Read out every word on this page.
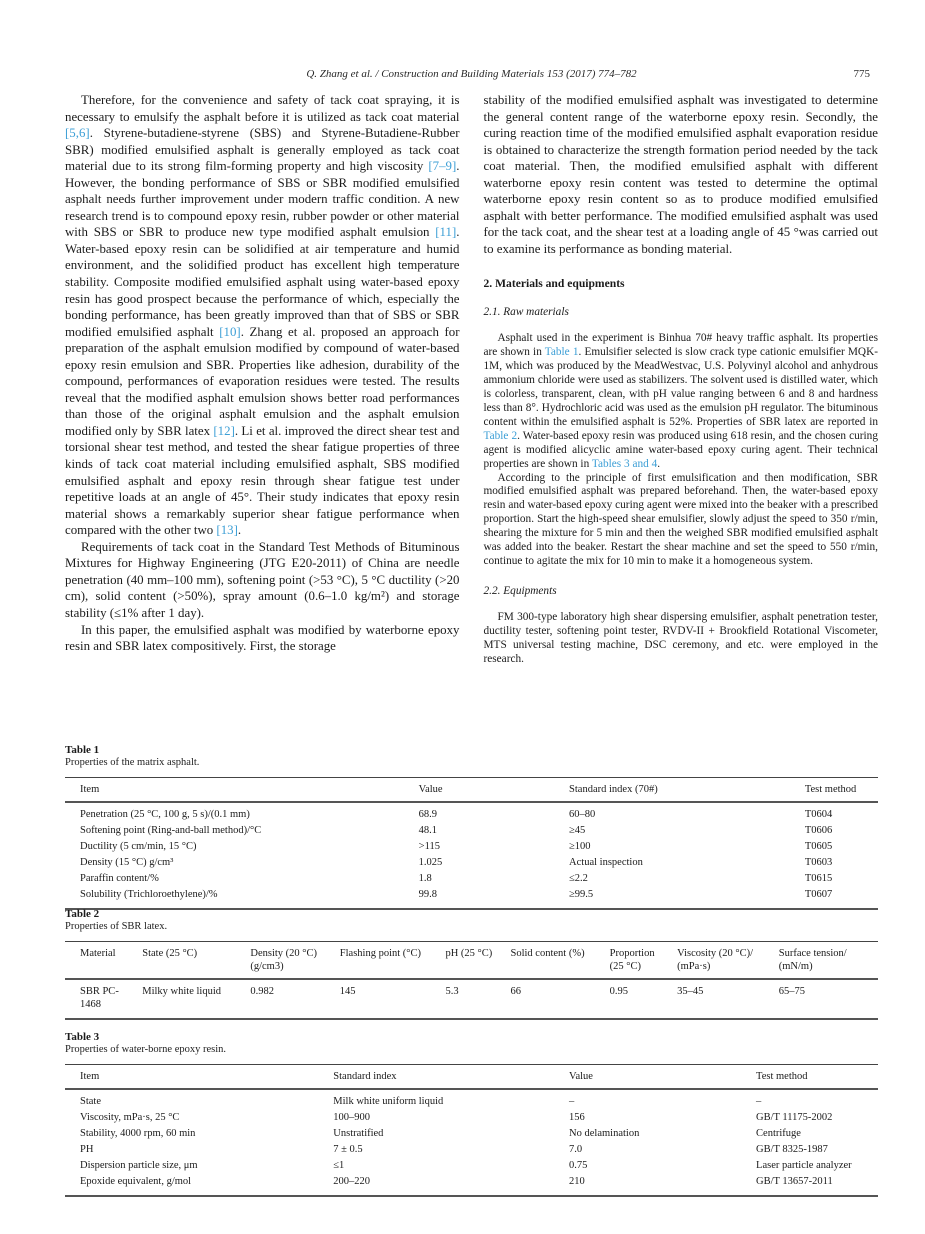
Q. Zhang et al. / Construction and Building Materials 153 (2017) 774–782	775

Therefore, for the convenience and safety of tack coat spraying, it is necessary to emulsify the asphalt before it is utilized as tack coat material [5,6]. Styrene-butadiene-styrene (SBS) and Styrene-Butadiene-Rubber SBR) modified emulsified asphalt is generally employed as tack coat material due to its strong film-forming property and high viscosity [7–9]. However, the bonding performance of SBS or SBR modified emulsified asphalt needs further improvement under modern traffic condition. A new research trend is to compound epoxy resin, rubber powder or other material with SBS or SBR to produce new type modified asphalt emulsion [11]. Water-based epoxy resin can be solidified at air temperature and humid environment, and the solidified product has excellent high temperature stability. Composite modified emulsified asphalt using water-based epoxy resin has good prospect because the performance of which, especially the bonding performance, has been greatly improved than that of SBS or SBR modified emulsified asphalt [10]. Zhang et al. proposed an approach for preparation of the asphalt emulsion modified by compound of water-based epoxy resin emulsion and SBR. Properties like adhesion, durability of the compound, performances of evaporation residues were tested. The results reveal that the modified asphalt emulsion shows better road performances than those of the original asphalt emulsion and the asphalt emulsion modified only by SBR latex [12]. Li et al. improved the direct shear test and torsional shear test method, and tested the shear fatigue properties of three kinds of tack coat material including emulsified asphalt, SBS modified emulsified asphalt and epoxy resin through shear fatigue test under repetitive loads at an angle of 45°. Their study indicates that epoxy resin material shows a remarkably superior shear fatigue performance when compared with the other two [13].

Requirements of tack coat in the Standard Test Methods of Bituminous Mixtures for Highway Engineering (JTG E20-2011) of China are needle penetration (40 mm–100 mm), softening point (>53 °C), 5 °C ductility (>20 cm), solid content (>50%), spray amount (0.6–1.0 kg/m²) and storage stability (≤1% after 1 day).

In this paper, the emulsified asphalt was modified by waterborne epoxy resin and SBR latex compositively. First, the storage

stability of the modified emulsified asphalt was investigated to determine the general content range of the waterborne epoxy resin. Secondly, the curing reaction time of the modified emulsified asphalt evaporation residue is obtained to characterize the strength formation period needed by the tack coat material. Then, the modified emulsified asphalt with different waterborne epoxy resin content was tested to determine the optimal waterborne epoxy resin content so as to produce modified emulsified asphalt with better performance. The modified emulsified asphalt was used for the tack coat, and the shear test at a loading angle of 45 °was carried out to examine its performance as bonding material.

2. Materials and equipments
2.1. Raw materials

Asphalt used in the experiment is Binhua 70# heavy traffic asphalt. Its properties are shown in Table 1. Emulsifier selected is slow crack type cationic emulsifier MQK-1M, which was produced by the MeadWestvac, U.S. Polyvinyl alcohol and anhydrous ammonium chloride were used as stabilizers. The solvent used is distilled water, which is colorless, transparent, clean, with pH value ranging between 6 and 8 and hardness less than 8°. Hydrochloric acid was used as the emulsion pH regulator. The bituminous content within the emulsified asphalt is 52%. Properties of SBR latex are reported in Table 2. Water-based epoxy resin was produced using 618 resin, and the chosen curing agent is modified alicyclic amine water-based epoxy curing agent. Their technical properties are shown in Tables 3 and 4.

According to the principle of first emulsification and then modification, SBR modified emulsified asphalt was prepared beforehand. Then, the water-based epoxy resin and water-based epoxy curing agent were mixed into the beaker with a prescribed proportion. Start the high-speed shear emulsifier, slowly adjust the speed to 350 r/min, shearing the mixture for 5 min and then the weighed SBR modified emulsified asphalt was added into the beaker. Restart the shear machine and set the speed to 550 r/min, continue to agitate the mix for 10 min to make it a homogeneous system.

2.2. Equipments

FM 300-type laboratory high shear dispersing emulsifier, asphalt penetration tester, ductility tester, softening point tester, RVDV-II + Brookfield Rotational Viscometer, MTS universal testing machine, DSC ceremony, and etc. were employed in the research.

Table 1
Properties of the matrix asphalt.
Item	Value	Standard index (70#)	Test method
Penetration (25 °C, 100 g, 5 s)/(0.1 mm)	68.9	60–80	T0604
Softening point (Ring-and-ball method)/°C	48.1	≥45	T0606
Ductility (5 cm/min, 15 °C)	>115	≥100	T0605
Density (15 °C) g/cm³	1.025	Actual inspection	T0603
Paraffin content/%	1.8	≤2.2	T0615
Solubility (Trichloroethylene)/%	99.8	≥99.5	T0607
Table 2
Properties of SBR latex.
Material	State (25 °C)	Density (20 °C) (g/cm3)	Flashing point (°C)	pH (25 °C)	Solid content (%)	Proportion (25 °C)	Viscosity (20 °C)/ (mPa·s)	Surface tension/ (mN/m)
SBR PC-1468	Milky white liquid	0.982	145	5.3	66	0.95	35–45	65–75
Table 3
Properties of water-borne epoxy resin.
Item	Standard index	Value	Test method
State	Milk white uniform liquid	–	–
Viscosity, mPa·s, 25 °C	100–900	156	GB/T 11175-2002
Stability, 4000 rpm, 60 min	Unstratified	No delamination	Centrifuge
PH	7 ± 0.5	7.0	GB/T 8325-1987
Dispersion particle size, μm	≤1	0.75	Laser particle analyzer
Epoxide equivalent, g/mol	200–220	210	GB/T 13657-2011
